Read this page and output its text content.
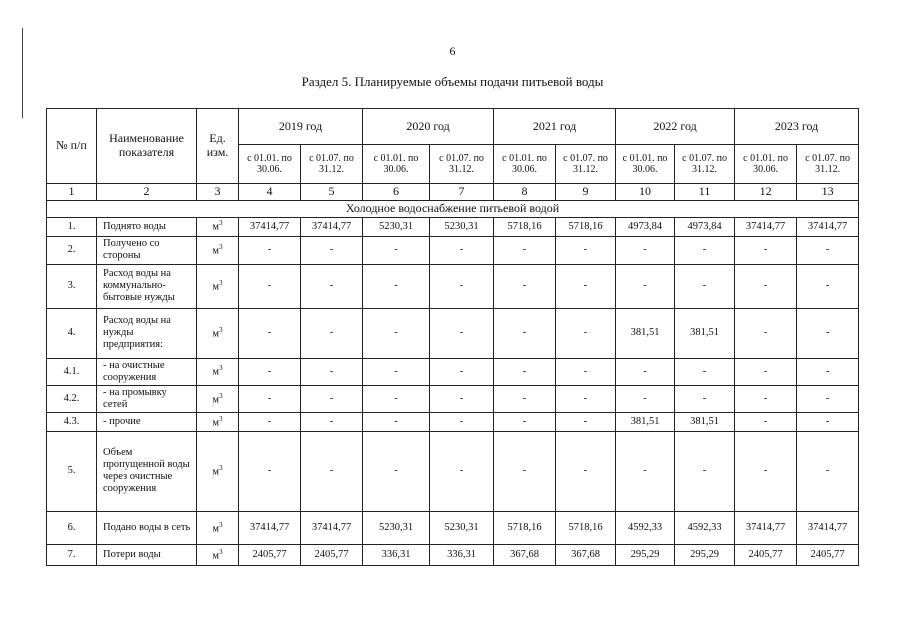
6
Раздел 5. Планируемые объемы подачи питьевой воды
№ п/п	Наименование показателя	Ед. изм.	2019 год		2020 год		2021 год		2022 год		2023 год	
			с 01.01. по 30.06.	с 01.07. по 31.12.	с 01.01. по 30.06.	с 01.07. по 31.12.	с 01.01. по 30.06.	с 01.07. по 31.12.	с 01.01. по 30.06.	с 01.07. по 31.12.	с 01.01. по 30.06.	с 01.07. по 31.12.
1	2	3	4	5	6	7	8	9	10	11	12	13
Холодное водоснабжение питьевой водой												
1.	Поднято воды	$м^3$	37414,77	37414,77	5230,31	5230,31	5718,16	5718,16	4973,84	4973,84	37414,77	37414,77
2.	Получено со стороны	$м^3$	-	-	-	-	-	-	-	-	-	-
3.	Расход воды на коммунально-бытовые нужды	$м^3$	-	-	-	-	-	-	-	-	-	-
4.	Расход воды на нужды предприятия:	$м^3$	-	-	-	-	-	-	381,51	381,51	-	-
4.1.	- на очистные сооружения	$м^3$	-	-	-	-	-	-	-	-	-	-
4.2.	- на промывку сетей	$м^3$	-	-	-	-	-	-	-	-	-	-
4.3.	- прочие	$м^3$	-	-	-	-	-	-	381,51	381,51	-	-
5.	Объем пропущенной воды через очистные сооружения	$м^3$	-	-	-	-	-	-	-	-	-	-
6.	Подано воды в сеть	$м^3$	37414,77	37414,77	5230,31	5230,31	5718,16	5718,16	4592,33	4592,33	37414,77	37414,77
7.	Потери воды	$м^3$	2405,77	2405,77	336,31	336,31	367,68	367,68	295,29	295,29	2405,77	2405,77
